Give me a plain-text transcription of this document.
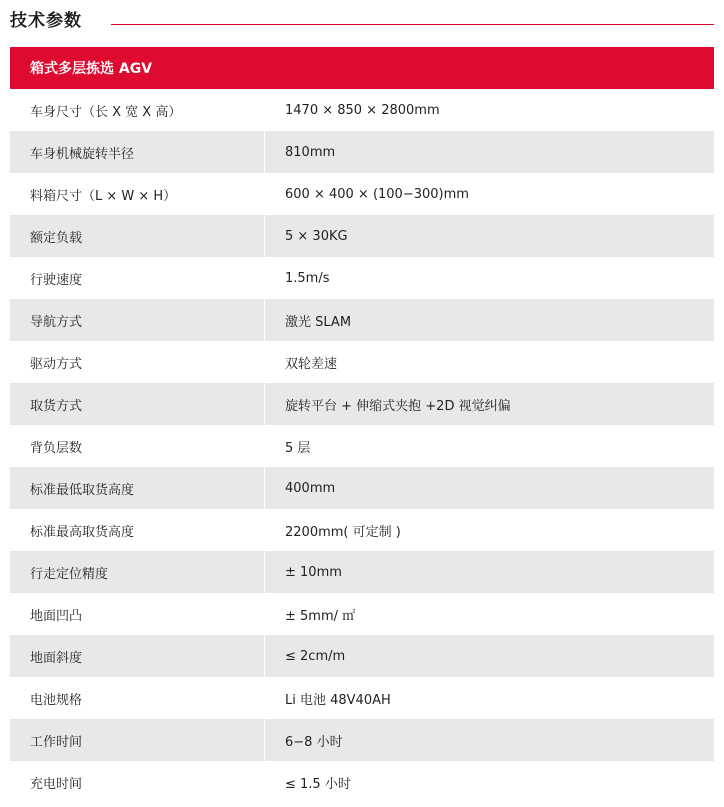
技术参数
箱式多层拣选 AGV
车身尺寸（长 X 宽 X 高）	1470 × 850 × 2800mm
车身机械旋转半径	810mm
料箱尺寸（L × W × H）	600 × 400 × (100−300)mm
额定负载	5 × 30KG
行驶速度	1.5m/s
导航方式	激光 SLAM
驱动方式	双轮差速
取货方式	旋转平台 + 伸缩式夹抱 +2D 视觉纠偏
背负层数	5 层
标准最低取货高度	400mm
标准最高取货高度	2200mm( 可定制 )
行走定位精度	± 10mm
地面凹凸	± 5mm/ ㎡
地面斜度	≤ 2cm/m
电池规格	Li 电池 48V40AH
工作时间	6−8 小时
充电时间	≤ 1.5 小时
